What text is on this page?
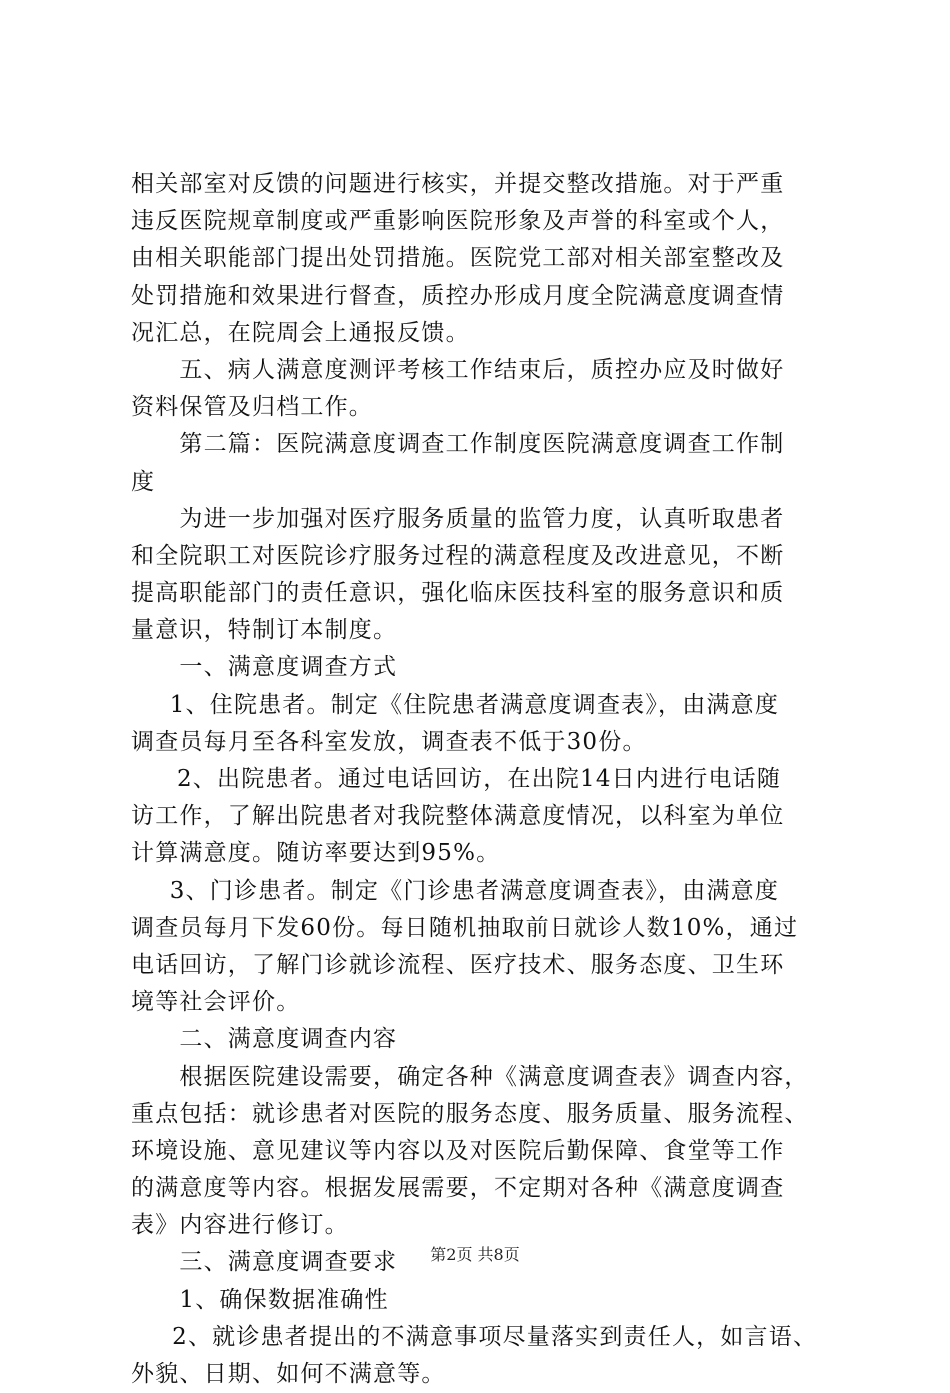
相关部室对反馈的问题进行核实，并提交整改措施。对于严重
违反医院规章制度或严重影响医院形象及声誉的科室或个人，
由相关职能部门提出处罚措施。医院党工部对相关部室整改及
处罚措施和效果进行督查，质控办形成月度全院满意度调查情
况汇总，在院周会上通报反馈。
五、病人满意度测评考核工作结束后，质控办应及时做好
资料保管及归档工作。
第二篇：医院满意度调查工作制度医院满意度调查工作制
度
为进一步加强对医疗服务质量的监管力度，认真听取患者
和全院职工对医院诊疗服务过程的满意程度及改进意见，不断
提高职能部门的责任意识，强化临床医技科室的服务意识和质
量意识，特制订本制度。
一、满意度调查方式
1、住院患者。制定《住院患者满意度调查表》，由满意度
调查员每月至各科室发放，调查表不低于30份。
2、出院患者。通过电话回访，在出院14日内进行电话随
访工作，了解出院患者对我院整体满意度情况，以科室为单位
计算满意度。随访率要达到95%。
3、门诊患者。制定《门诊患者满意度调查表》，由满意度
调查员每月下发60份。每日随机抽取前日就诊人数10%，通过
电话回访，了解门诊就诊流程、医疗技术、服务态度、卫生环
境等社会评价。
二、满意度调查内容
根据医院建设需要，确定各种《满意度调查表》调查内容，
重点包括：就诊患者对医院的服务态度、服务质量、服务流程、
环境设施、意见建议等内容以及对医院后勤保障、食堂等工作
的满意度等内容。根据发展需要，不定期对各种《满意度调查
表》内容进行修订。
三、满意度调查要求
1、确保数据准确性
2、就诊患者提出的不满意事项尽量落实到责任人，如言语、
外貌、日期、如何不满意等。
第2页 共8页
